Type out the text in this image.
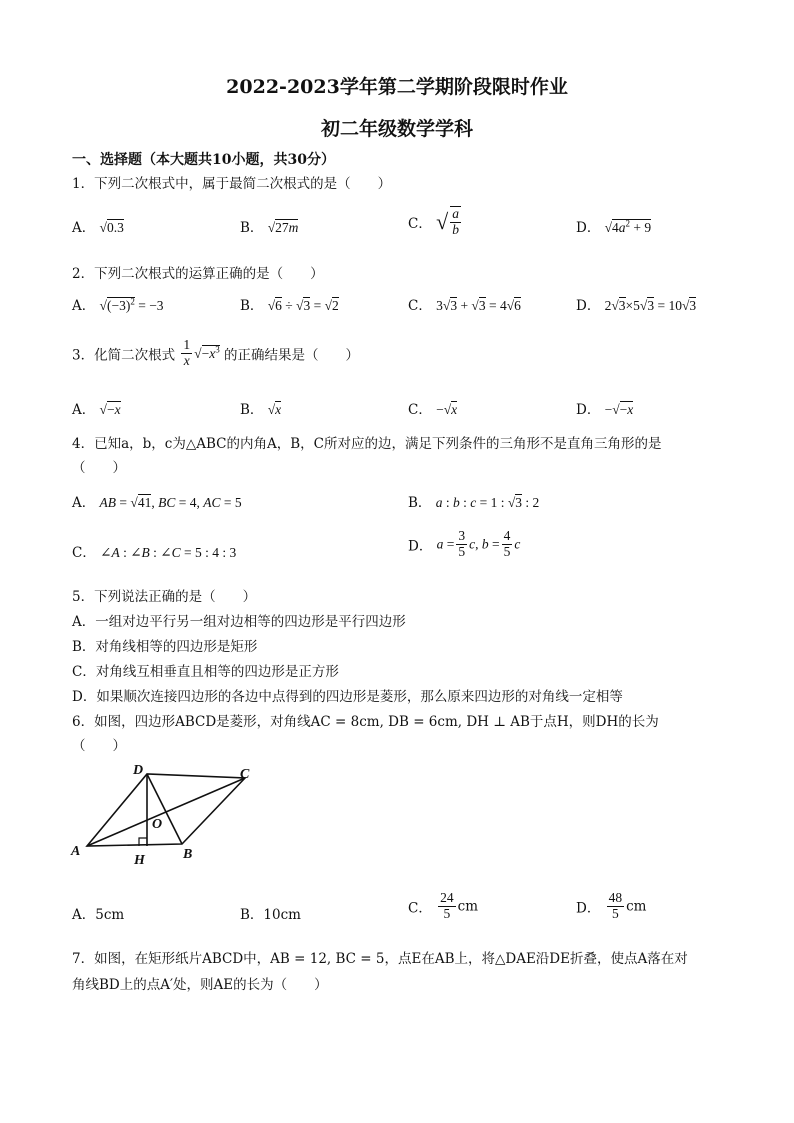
2022-2023学年第二学期阶段限时作业
初二年级数学学科
一、选择题（本大题共10小题，共30分）
1．下列二次根式中，属于最简二次根式的是（　　）
A． √0.3	B． √27m	C． √ $\frac{a}{b}$	D． $√4a^2 + 9$
2．下列二次根式的运算正确的是（　　）
A． $√(-3)^2 = -3$	B． √6 ÷ √3 = √2	C． 3√3 + √3 = 4√6	D． 2√3×5√3 = 10√3
3．化简二次根式 $\frac{1}{x} √-x^3$ 的正确结果是（　　）
A． √−x	B． √x	C． −√x	D． −√−x
4．已知a，b，c为△ABC的内角A，B，C所对应的边，满足下列条件的三角形不是直角三角形的是
（　　）
A． AB = √41, BC = 4, AC = 5	B． a : b : c = 1 : √3 : 2
C． ∠A : ∠B : ∠C = 5 : 4 : 3	D． $a = \frac{3}{5} c$, $b = \frac{4}{5}$ c
5．下列说法正确的是（　　）
A．一组对边平行另一组对边相等的四边形是平行四边形
B．对角线相等的四边形是矩形
C．对角线互相垂直且相等的四边形是正方形
D．如果顺次连接四边形的各边中点得到的四边形是菱形，那么原来四边形的对角线一定相等
6．如图，四边形ABCD是菱形，对角线AC = 8cm, DB = 6cm, DH ⊥ AB于点H，则DH的长为
（　　）
D	C
O
A
H	B
A．5cm	B．10cm	C． $\frac{24}{5}$ cm	D． $\frac{48}{5}$ cm
7．如图，在矩形纸片ABCD中，AB = 12, BC = 5，点E在AB上，将△DAE沿DE折叠，使点A落在对
角线BD上的点A′处，则AE的长为（　　）
